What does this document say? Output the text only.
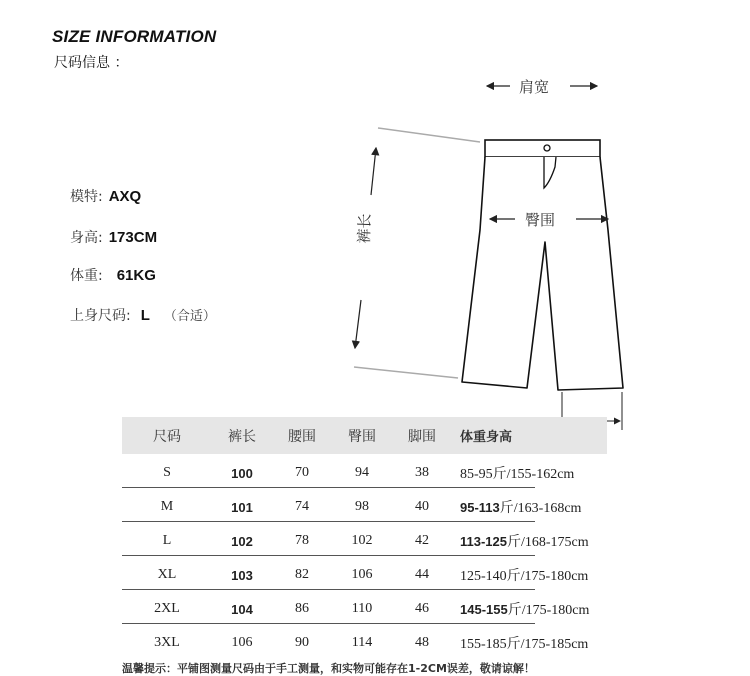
SIZE INFORMATION
尺码信息 ：
模特: AXQ
身高: 173CM
体重: 61KG
上身尺码: L （合适）
肩宽
臀围
裤长
尺码	裤长	腰围	臀围	脚围	体重身高

S	100	70	94	38	85-95斤/155-162cm
M	101	74	98	40	95-113斤/163-168cm
L	102	78	102	42	113-125斤/168-175cm
XL	103	82	106	44	125-140斤/175-180cm
2XL	104	86	110	46	145-155斤/175-180cm
3XL	106	90	114	48	155-185斤/175-185cm
温馨提示：平铺图测量尺码由于手工测量，和实物可能存在1-2CM误差，敬请谅解！
